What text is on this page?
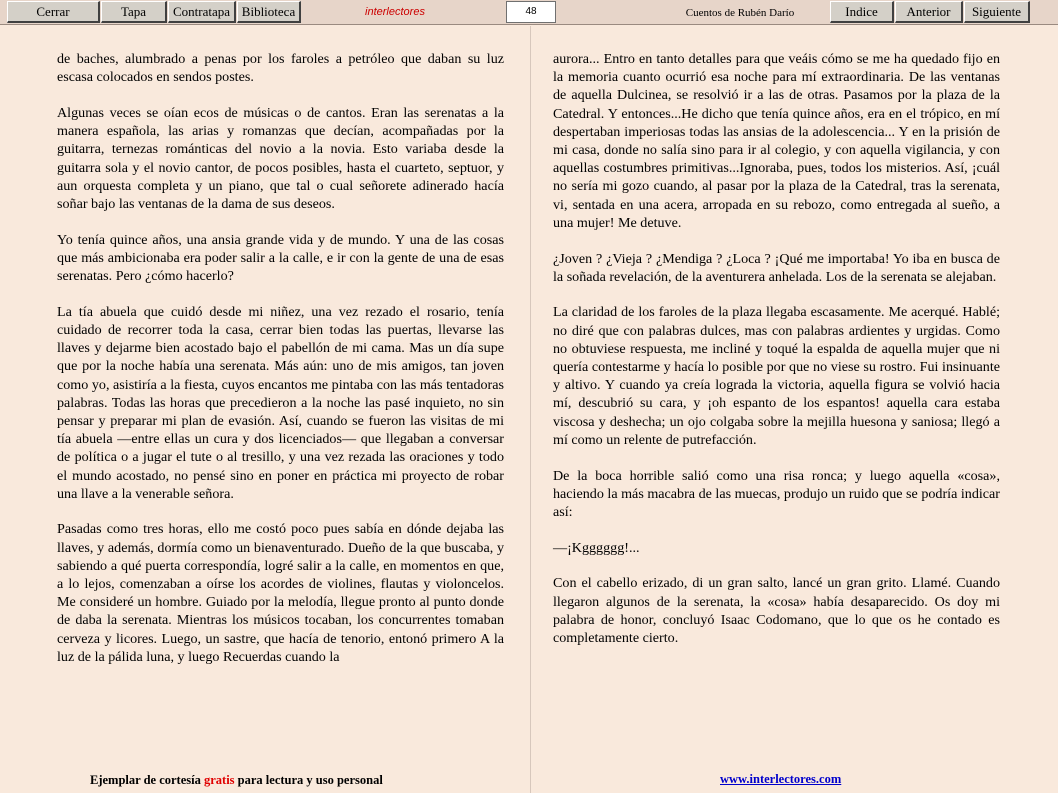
Cerrar	Tapa	Contratapa Biblioteca	interlectores	48	Cuentos de Rubén Darío	Indice	Anterior	Siguiente

de baches, alumbrado a penas por los faroles a petróleo que daban su luz escasa colocados en sendos postes.

Algunas veces se oían ecos de músicas o de cantos. Eran las serenatas a la manera española, las arias y romanzas que decían, acompañadas por la guitarra, ternezas románticas del novio a la novia. Esto variaba desde la guitarra sola y el novio cantor, de pocos posibles, hasta el cuarteto, septuor, y aun orquesta completa y un piano, que tal o cual señorete adinerado hacía soñar bajo las ventanas de la dama de sus deseos.

Yo tenía quince años, una ansia grande vida y de mundo. Y una de las cosas que más ambicionaba era poder salir a la calle, e ir con la gente de una de esas serenatas. Pero ¿cómo hacerlo?

La tía abuela que cuidó desde mi niñez, una vez rezado el rosario, tenía cuidado de recorrer toda la casa, cerrar bien todas las puertas, llevarse las llaves y dejarme bien acostado bajo el pabellón de mi cama. Mas un día supe que por la noche había una serenata. Más aún: uno de mis amigos, tan joven como yo, asistiría a la fiesta, cuyos encantos me pintaba con las más tentadoras palabras. Todas las horas que precedieron a la noche las pasé inquieto, no sin pensar y preparar mi plan de evasión. Así, cuando se fueron las visitas de mi tía abuela —entre ellas un cura y dos licenciados— que llegaban a conversar de política o a jugar el tute o al tresillo, y una vez rezada las oraciones y todo el mundo acostado, no pensé sino en poner en práctica mi proyecto de robar una llave a la venerable señora.

Pasadas como tres horas, ello me costó poco pues sabía en dónde dejaba las llaves, y además, dormía como un bienaventurado. Dueño de la que buscaba, y sabiendo a qué puerta correspondía, logré salir a la calle, en momentos en que, a lo lejos, comenzaban a oírse los acordes de violines, flautas y violoncelos. Me consideré un hombre. Guiado por la melodía, llegue pronto al punto donde de daba la serenata. Mientras los músicos tocaban, los concurrentes tomaban cerveza y licores. Luego, un sastre, que hacía de tenorio, entonó primero A la luz de la pálida luna, y luego Recuerdas cuando la

aurora... Entro en tanto detalles para que veáis cómo se me ha quedado fijo en la memoria cuanto ocurrió esa noche para mí extraordinaria. De las ventanas de aquella Dulcinea, se resolvió ir a las de otras. Pasamos por la plaza de la Catedral. Y entonces...He dicho que tenía quince años, era en el trópico, en mí despertaban imperiosas todas las ansias de la adolescencia... Y en la prisión de mi casa, donde no salía sino para ir al colegio, y con aquella vigilancia, y con aquellas costumbres primitivas...Ignoraba, pues, todos los misterios. Así, ¡cuál no sería mi gozo cuando, al pasar por la plaza de la Catedral, tras la serenata, vi, sentada en una acera, arropada en su rebozo, como entregada al sueño, a una mujer! Me detuve.

¿Joven ? ¿Vieja ? ¿Mendiga ? ¿Loca ? ¡Qué me importaba! Yo iba en busca de la soñada revelación, de la aventurera anhelada. Los de la serenata se alejaban.

La claridad de los faroles de la plaza llegaba escasamente. Me acerqué. Hablé; no diré que con palabras dulces, mas con palabras ardientes y urgidas. Como no obtuviese respuesta, me incliné y toqué la espalda de aquella mujer que ni quería contestarme y hacía lo posible por que no viese su rostro. Fui insinuante y altivo. Y cuando ya creía lograda la victoria, aquella figura se volvió hacia mí, descubrió su cara, y ¡oh espanto de los espantos! aquella cara estaba viscosa y deshecha; un ojo colgaba sobre la mejilla huesona y saniosa; llegó a mí como un relente de putrefacción.

De la boca horrible salió como una risa ronca; y luego aquella «cosa», haciendo la más macabra de las muecas, produjo un ruido que se podría indicar así:

—¡Kgggggg!...

Con el cabello erizado, di un gran salto, lancé un gran grito. Llamé. Cuando llegaron algunos de la serenata, la «cosa» había desaparecido. Os doy mi palabra de honor, concluyó Isaac Codomano, que lo que os he contado es completamente cierto.

Ejemplar de cortesía gratis para lectura y uso personal	www.interlectores.com
